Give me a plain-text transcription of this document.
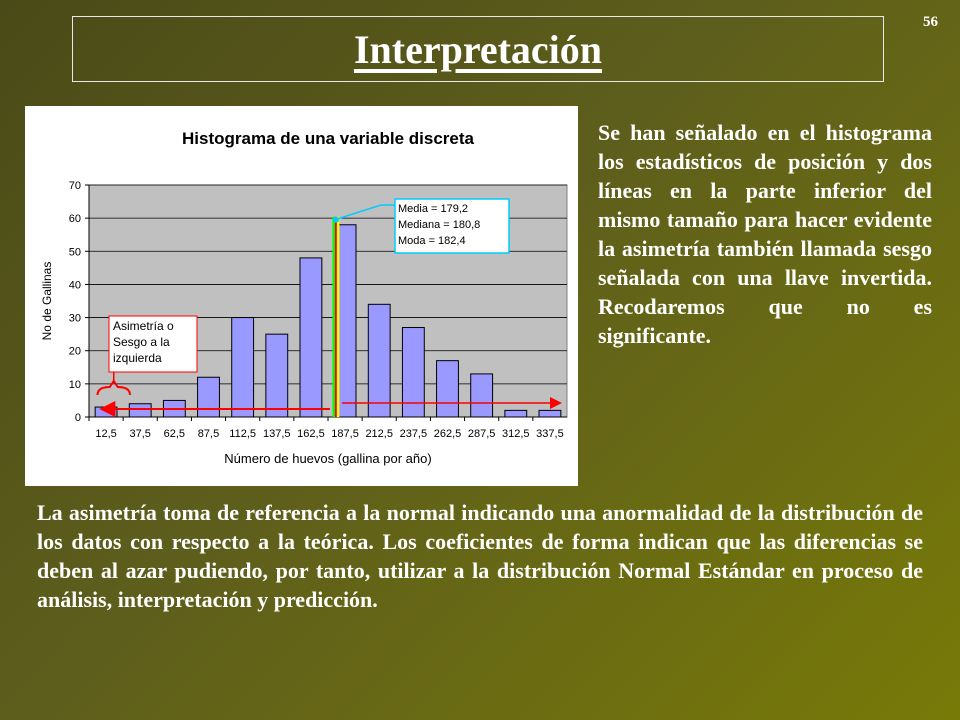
56
Interpretación
Histograma de una variable discreta
0
10
20
30
40
50
60
70
12,5 37,5 62,5 87,5 112,5 137,5 162,5 187,5 212,5 237,5 262,5 287,5 312,5 337,5
Número de huevos (gallina por año)
No de Gallinas
Media = 179,2
Mediana = 180,8
Moda = 182,4
Asimetría o
Sesgo a la
izquierda
Se han señalado en el histograma los estadísticos de posición y dos líneas en la parte inferior del mismo tamaño para hacer evidente la asimetría también llamada sesgo señalada con una llave invertida. Recodaremos que no es significante.
La asimetría toma de referencia a la normal indicando una anormalidad de la distribución de los datos con respecto a la teórica. Los coeficientes de forma indican que las diferencias se deben al azar pudiendo, por tanto, utilizar a la distribución Normal Estándar en proceso de análisis, interpretación y predicción.
